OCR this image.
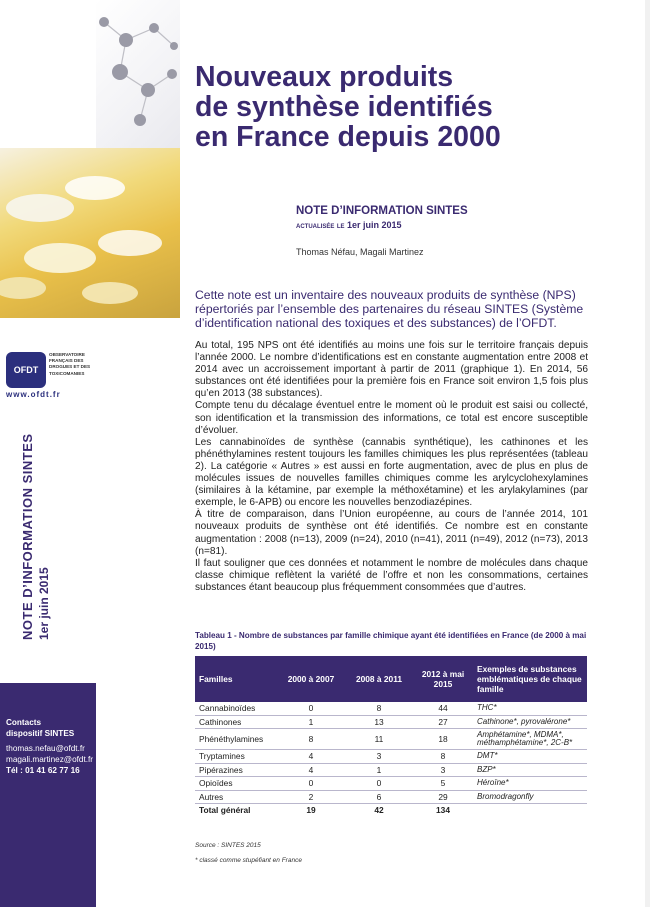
OFDT
OBSERVATOIRE
FRANÇAIS DES
DROGUES ET DES
TOXICOMANIES
www.ofdt.fr
NOTE D’INFORMATION SINTES 1er juin 2015
Contacts
dispositif SINTES
thomas.nefau@ofdt.fr
magali.martinez@ofdt.fr
Tél : 01 41 62 77 16
Nouveaux produits
de synthèse identifiés
en France depuis 2000
NOTE D’INFORMATION SINTES
actualisée le 1er juin 2015
Thomas Néfau, Magali Martinez
Cette note est un inventaire des nouveaux produits de synthèse (NPS) répertoriés par l’ensemble des partenaires du réseau SINTES (Système d’identification national des toxiques et des substances) de l’OFDT.

Au total, 195 NPS ont été identifiés au moins une fois sur le territoire français depuis l’année 2000. Le nombre d’identifications est en constante augmentation entre 2008 et 2014 avec un accroissement important à partir de 2011 (graphique 1). En 2014, 56 substances ont été identifiées pour la première fois en France soit environ 1,5 fois plus qu’en 2013 (38 substances).

Compte tenu du décalage éventuel entre le moment où le produit est saisi ou collecté, son identification et la transmission des informations, ce total est encore susceptible d’évoluer.

Les cannabinoïdes de synthèse (cannabis synthétique), les cathinones et les phénéthylamines restent toujours les familles chimiques les plus représentées (tableau 2). La catégorie « Autres » est aussi en forte augmentation, avec de plus en plus de molécules issues de nouvelles familles chimiques comme les arylcyclohexylamines (similaires à la kétamine, par exemple la méthoxétamine) et les arylakylamines (par exemple, le 6-APB) ou encore les nouvelles benzodiazépines.

À titre de comparaison, dans l’Union européenne, au cours de l’année 2014, 101 nouveaux produits de synthèse ont été identifiés. Ce nombre est en constante augmentation : 2008 (n=13), 2009 (n=24), 2010 (n=41), 2011 (n=49), 2012 (n=73), 2013 (n=81).

Il faut souligner que ces données et notamment le nombre de molécules dans chaque classe chimique reflètent la variété de l’offre et non les consommations, certaines substances étant beaucoup plus fréquemment consommées que d’autres.

Tableau 1 - Nombre de substances par famille chimique ayant été identifiées en France (de 2000 à mai 2015)
Familles	2000 à 2007	2008 à 2011	2012 à mai 2015	Exemples de substances emblématiques de chaque famille
Cannabinoïdes	0	8	44	THC*
Cathinones	1	13	27	Cathinone*, pyrovalérone*
Phénéthylamines	8	11	18	Amphétamine*, MDMA*, méthamphétamine*, 2C-B*
Tryptamines	4	3	8	DMT*
Pipérazines	4	1	3	BZP*
Opioïdes	0	0	5	Héroïne*
Autres	2	6	29	Bromodragonfly
Total général	19	42	134	
Source : SINTES 2015
* classé comme stupéfiant en France
